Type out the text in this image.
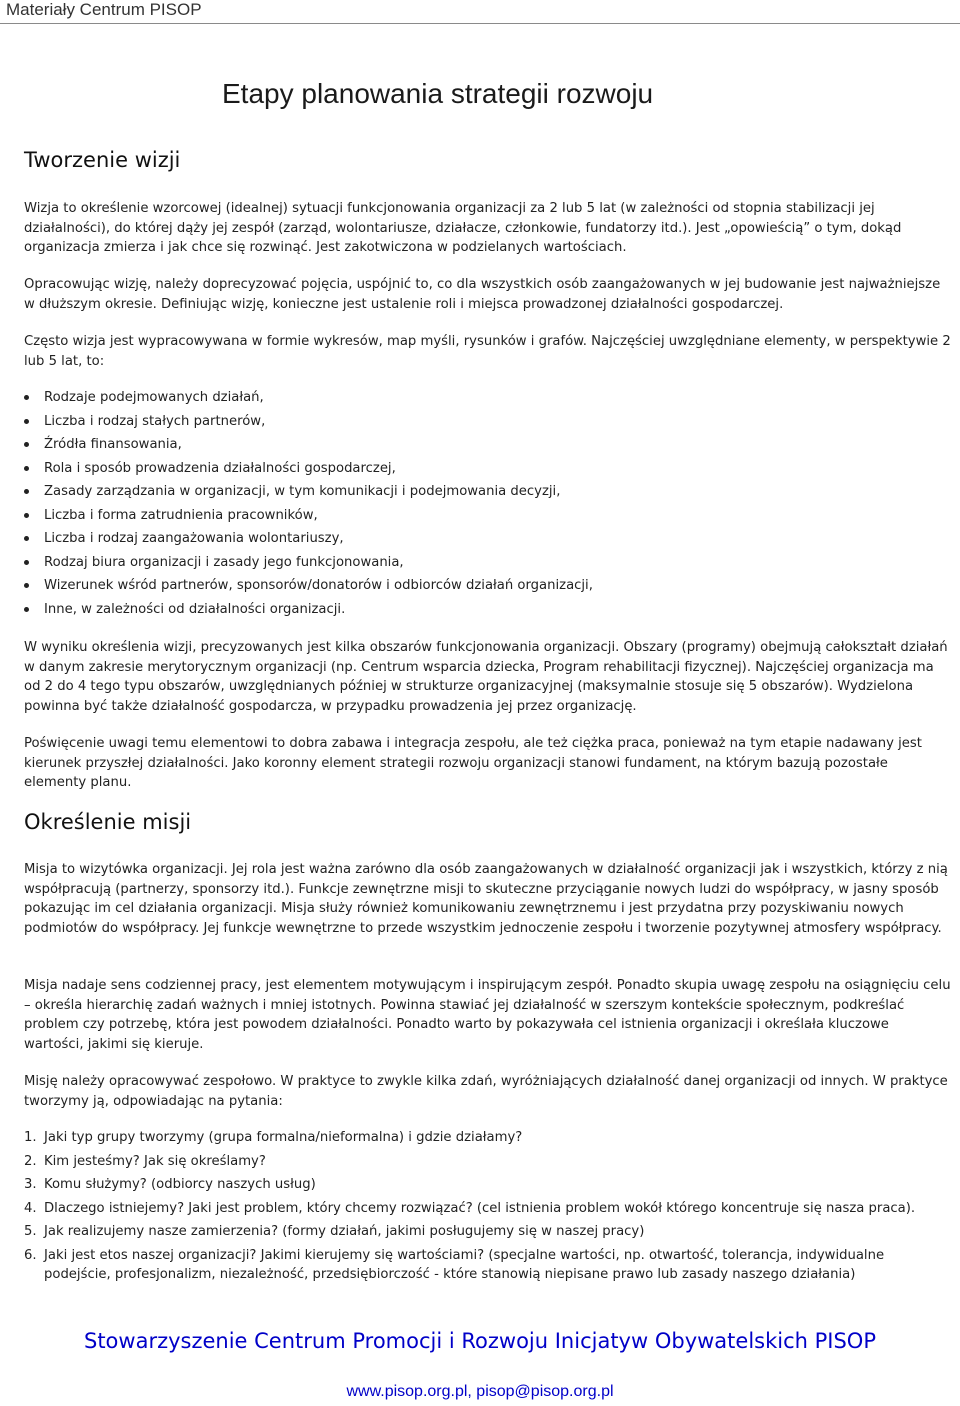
Materiały Centrum PISOP
Etapy planowania strategii rozwoju
Tworzenie wizji

Wizja to określenie wzorcowej (idealnej) sytuacji funkcjonowania organizacji za 2 lub 5 lat (w zależności od stopnia stabilizacji jej działalności), do której dąży jej zespół (zarząd, wolontariusze, działacze, członkowie, fundatorzy itd.). Jest „opowieścią” o tym, dokąd organizacja zmierza i jak chce się rozwinąć. Jest zakotwiczona w podzielanych wartościach.

Opracowując wizję, należy doprecyzować pojęcia, uspójnić to, co dla wszystkich osób zaangażowanych w jej budowanie jest najważniejsze w dłuższym okresie. Definiując wizję, konieczne jest ustalenie roli i miejsca prowadzonej działalności gospodarczej.

Często wizja jest wypracowywana w formie wykresów, map myśli, rysunków i grafów. Najczęściej uwzględniane elementy, w perspektywie 2 lub 5 lat, to:

Rodzaje podejmowanych działań,
Liczba i rodzaj stałych partnerów,
Źródła finansowania,
Rola i sposób prowadzenia działalności gospodarczej,
Zasady zarządzania w organizacji, w tym komunikacji i podejmowania decyzji,
Liczba i forma zatrudnienia pracowników,
Liczba i rodzaj zaangażowania wolontariuszy,
Rodzaj biura organizacji i zasady jego funkcjonowania,
Wizerunek wśród partnerów, sponsorów/donatorów i odbiorców działań organizacji,
Inne, w zależności od działalności organizacji.

W wyniku określenia wizji, precyzowanych jest kilka obszarów funkcjonowania organizacji. Obszary (programy) obejmują całokształt działań w danym zakresie merytorycznym organizacji (np. Centrum wsparcia dziecka, Program rehabilitacji fizycznej). Najczęściej organizacja ma od 2 do 4 tego typu obszarów, uwzględnianych później w strukturze organizacyjnej (maksymalnie stosuje się 5 obszarów). Wydzielona powinna być także działalność gospodarcza, w przypadku prowadzenia jej przez organizację.

Poświęcenie uwagi temu elementowi to dobra zabawa i integracja zespołu, ale też ciężka praca, ponieważ na tym etapie nadawany jest kierunek przyszłej działalności. Jako koronny element strategii rozwoju organizacji stanowi fundament, na którym bazują pozostałe elementy planu.

Określenie misji

Misja to wizytówka organizacji. Jej rola jest ważna zarówno dla osób zaangażowanych w działalność organizacji jak i wszystkich, którzy z nią współpracują (partnerzy, sponsorzy itd.). Funkcje zewnętrzne misji to skuteczne przyciąganie nowych ludzi do współpracy, w jasny sposób pokazując im cel działania organizacji. Misja służy również komunikowaniu zewnętrznemu i jest przydatna przy pozyskiwaniu nowych podmiotów do współpracy. Jej funkcje wewnętrzne to przede wszystkim jednoczenie zespołu i tworzenie pozytywnej atmosfery współpracy.

Misja nadaje sens codziennej pracy, jest elementem motywującym i inspirującym zespół. Ponadto skupia uwagę zespołu na osiągnięciu celu – określa hierarchię zadań ważnych i mniej istotnych. Powinna stawiać jej działalność w szerszym kontekście społecznym, podkreślać problem czy potrzebę, która jest powodem działalności. Ponadto warto by pokazywała cel istnienia organizacji i określała kluczowe wartości, jakimi się kieruje.

Misję należy opracowywać zespołowo. W praktyce to zwykle kilka zdań, wyróżniających działalność danej organizacji od innych. W praktyce tworzymy ją, odpowiadając na pytania:

1. Jaki typ grupy tworzymy (grupa formalna/nieformalna) i gdzie działamy?
2. Kim jesteśmy? Jak się określamy?
3. Komu służymy? (odbiorcy naszych usług)
4. Dlaczego istniejemy? Jaki jest problem, który chcemy rozwiązać? (cel istnienia problem wokół którego koncentruje się nasza praca).
5. Jak realizujemy nasze zamierzenia? (formy działań, jakimi posługujemy się w naszej pracy)
6. Jaki jest etos naszej organizacji? Jakimi kierujemy się wartościami? (specjalne wartości, np. otwartość, tolerancja, indywidualne podejście, profesjonalizm, niezależność, przedsiębiorczość - które stanowią niepisane prawo lub zasady naszego działania)

Stowarzyszenie Centrum Promocji i Rozwoju Inicjatyw Obywatelskich PISOP

www.pisop.org.pl, pisop@pisop.org.pl
